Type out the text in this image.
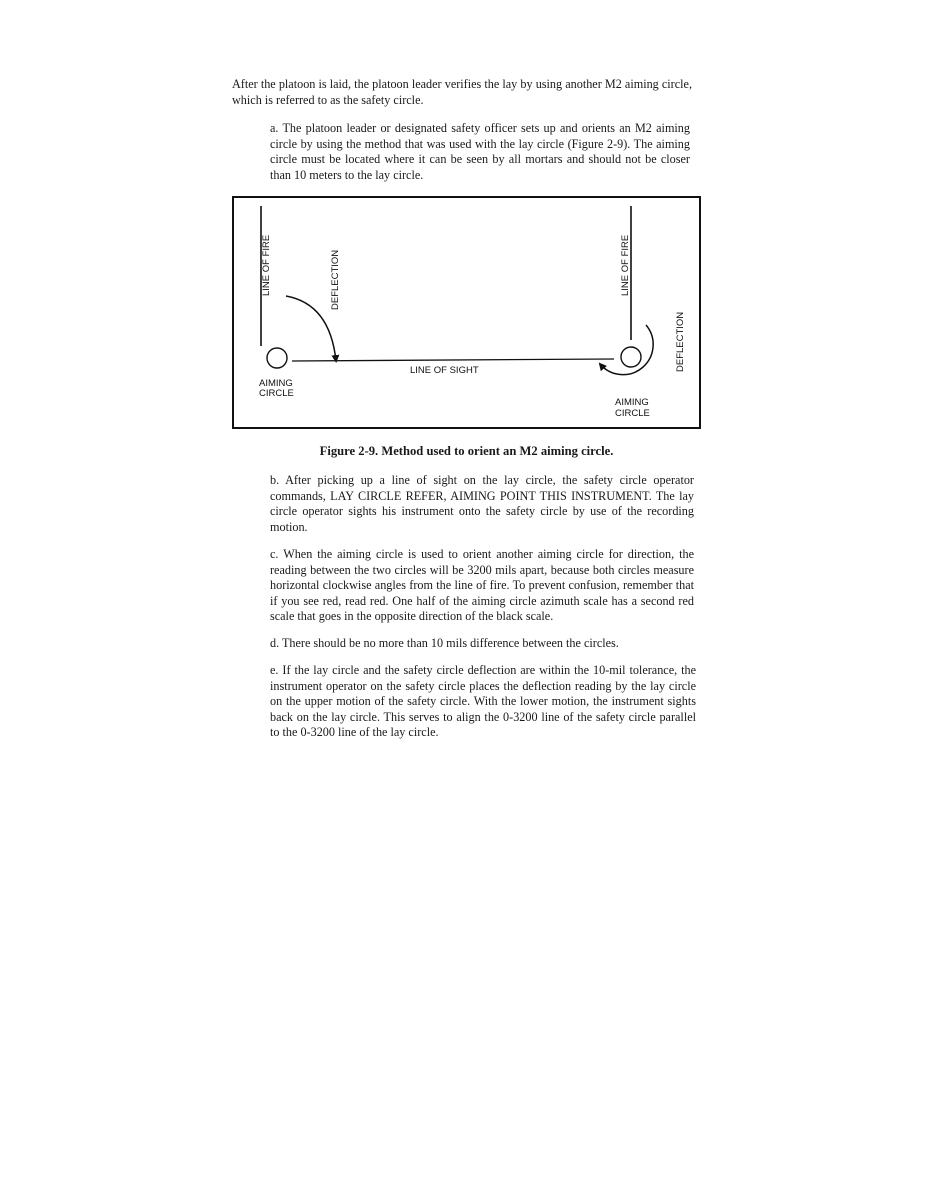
After the platoon is laid, the platoon leader verifies the lay by using another M2 aiming circle, which is referred to as the safety circle.

a. The platoon leader or designated safety officer sets up and orients an M2 aiming circle by using the method that was used with the lay circle (Figure 2-9). The aiming circle must be located where it can be seen by all mortars and should not be closer than 10 meters to the lay circle.

LINE OF FIRE	DEFLECTION
AIMING
CIRCLE
LINE OF SIGHT
LINE OF FIRE
DEFLECTION
AIMING
CIRCLE
Figure 2-9. Method used to orient an M2 aiming circle.

b. After picking up a line of sight on the lay circle, the safety circle operator commands, LAY CIRCLE REFER, AIMING POINT THIS INSTRUMENT. The lay circle operator sights his instrument onto the safety circle by use of the recording motion.

c. When the aiming circle is used to orient another aiming circle for direction, the reading between the two circles will be 3200 mils apart, because both circles measure horizontal clockwise angles from the line of fire. To prevent confusion, remember that if you see red, read red. One half of the aiming circle azimuth scale has a second red scale that goes in the opposite direction of the black scale.

d. There should be no more than 10 mils difference between the circles.

e. If the lay circle and the safety circle deflection are within the 10-mil tolerance, the instrument operator on the safety circle places the deflection reading by the lay circle on the upper motion of the safety circle. With the lower motion, the instrument sights back on the lay circle. This serves to align the 0-3200 line of the safety circle parallel to the 0-3200 line of the lay circle.
